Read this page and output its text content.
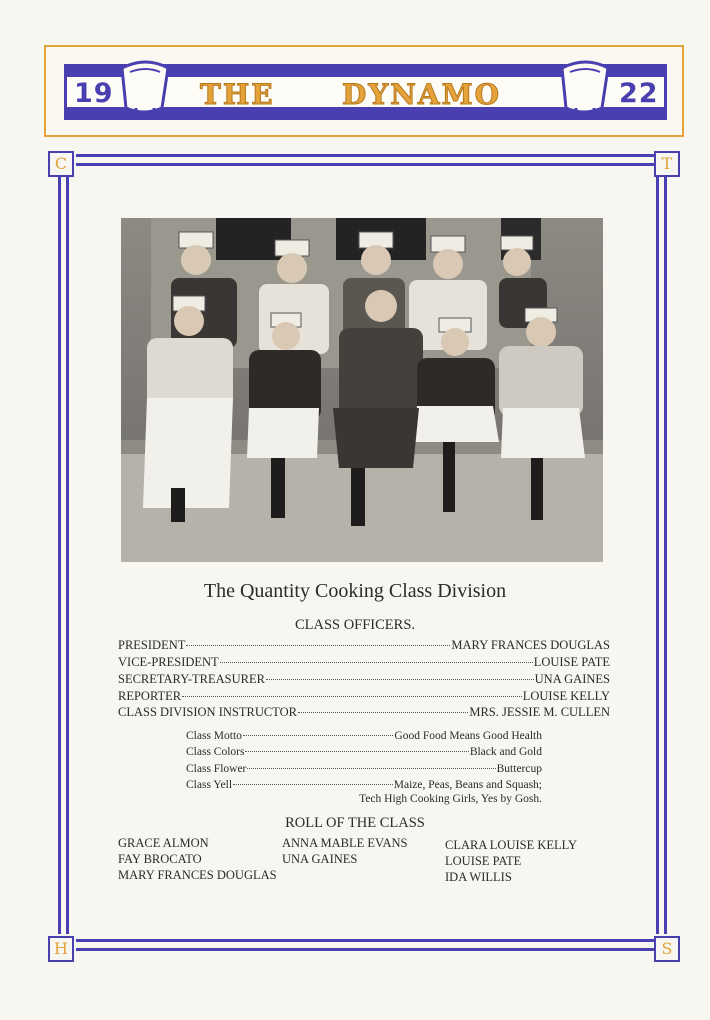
19	22
THE DYNAMO
C	T
H	S
The Quantity Cooking Class Division
CLASS OFFICERS.
PRESIDENT	MARY FRANCES DOUGLAS
VICE-PRESIDENT	LOUISE PATE
SECRETARY-TREASURER	UNA GAINES
REPORTER	LOUISE KELLY
CLASS DIVISION INSTRUCTOR	MRS. JESSIE M. CULLEN
Class Motto	Good Food Means Good Health
Class Colors	Black and Gold
Class Flower	Buttercup
Class Yell	Maize, Peas, Beans and Squash;
Tech High Cooking Girls, Yes by Gosh.
ROLL OF THE CLASS
GRACE ALMON
FAY BROCATO
MARY FRANCES DOUGLAS
ANNA MABLE EVANS
UNA GAINES
CLARA LOUISE KELLY
LOUISE PATE
IDA WILLIS
